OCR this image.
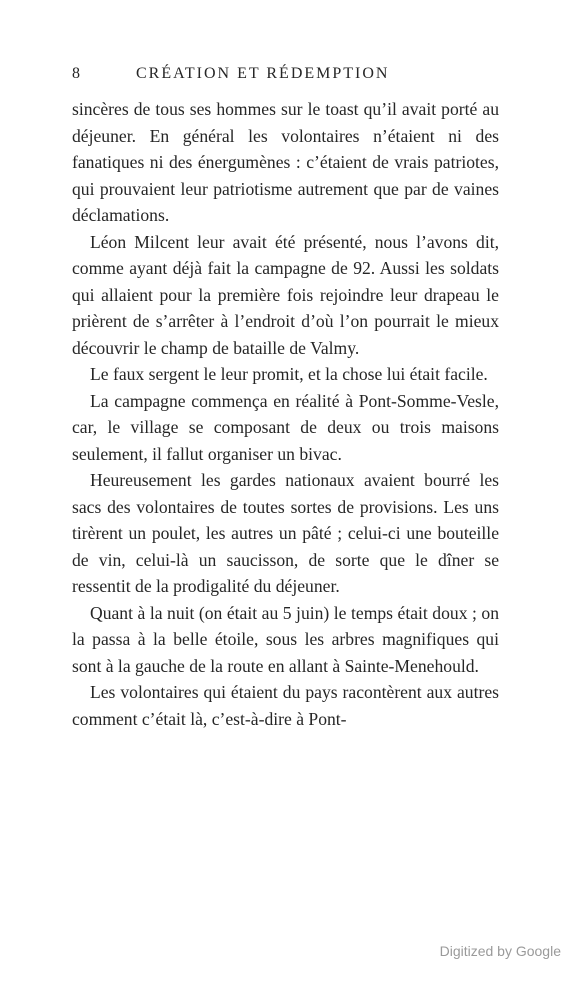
8	CRÉATION ET RÉDEMPTION

sincères de tous ses hommes sur le toast qu’il avait porté au déjeuner. En général les volontaires n’étaient ni des fanatiques ni des énergumènes : c’étaient de vrais patriotes, qui prouvaient leur patriotisme autrement que par de vaines déclamations.

Léon Milcent leur avait été présenté, nous l’avons dit, comme ayant déjà fait la campagne de 92. Aussi les soldats qui allaient pour la première fois rejoindre leur drapeau le prièrent de s’arrêter à l’endroit d’où l’on pourrait le mieux découvrir le champ de bataille de Valmy.

Le faux sergent le leur promit, et la chose lui était facile.

La campagne commença en réalité à Pont-Somme-Vesle, car, le village se composant de deux ou trois maisons seulement, il fallut organiser un bivac.

Heureusement les gardes nationaux avaient bourré les sacs des volontaires de toutes sortes de provisions. Les uns tirèrent un poulet, les autres un pâté ; celui-ci une bouteille de vin, celui-là un saucisson, de sorte que le dîner se ressentit de la prodigalité du déjeuner.

Quant à la nuit (on était au 5 juin) le temps était doux ; on la passa à la belle étoile, sous les arbres magnifiques qui sont à la gauche de la route en allant à Sainte-Menehould.

Les volontaires qui étaient du pays racontèrent aux autres comment c’était là, c’est-à-dire à Pont-

Digitized by Google
